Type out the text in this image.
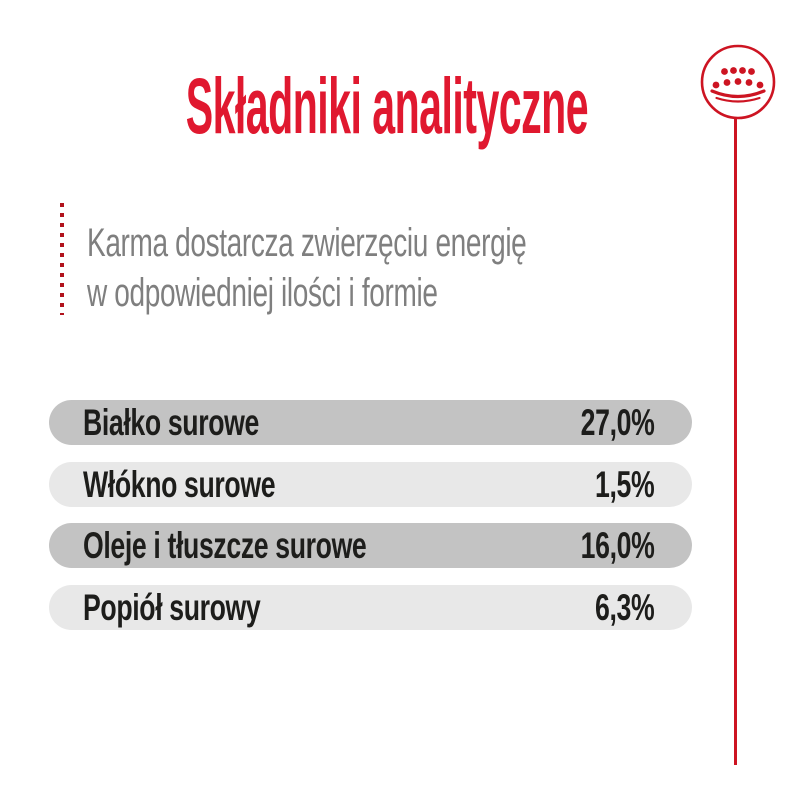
Składniki analityczne
Karma dostarcza zwierzęciu energię
w odpowiedniej ilości i formie
Białko surowe	27,0%
Włókno surowe	1,5%
Oleje i tłuszcze surowe	16,0%
Popiół surowy	6,3%
